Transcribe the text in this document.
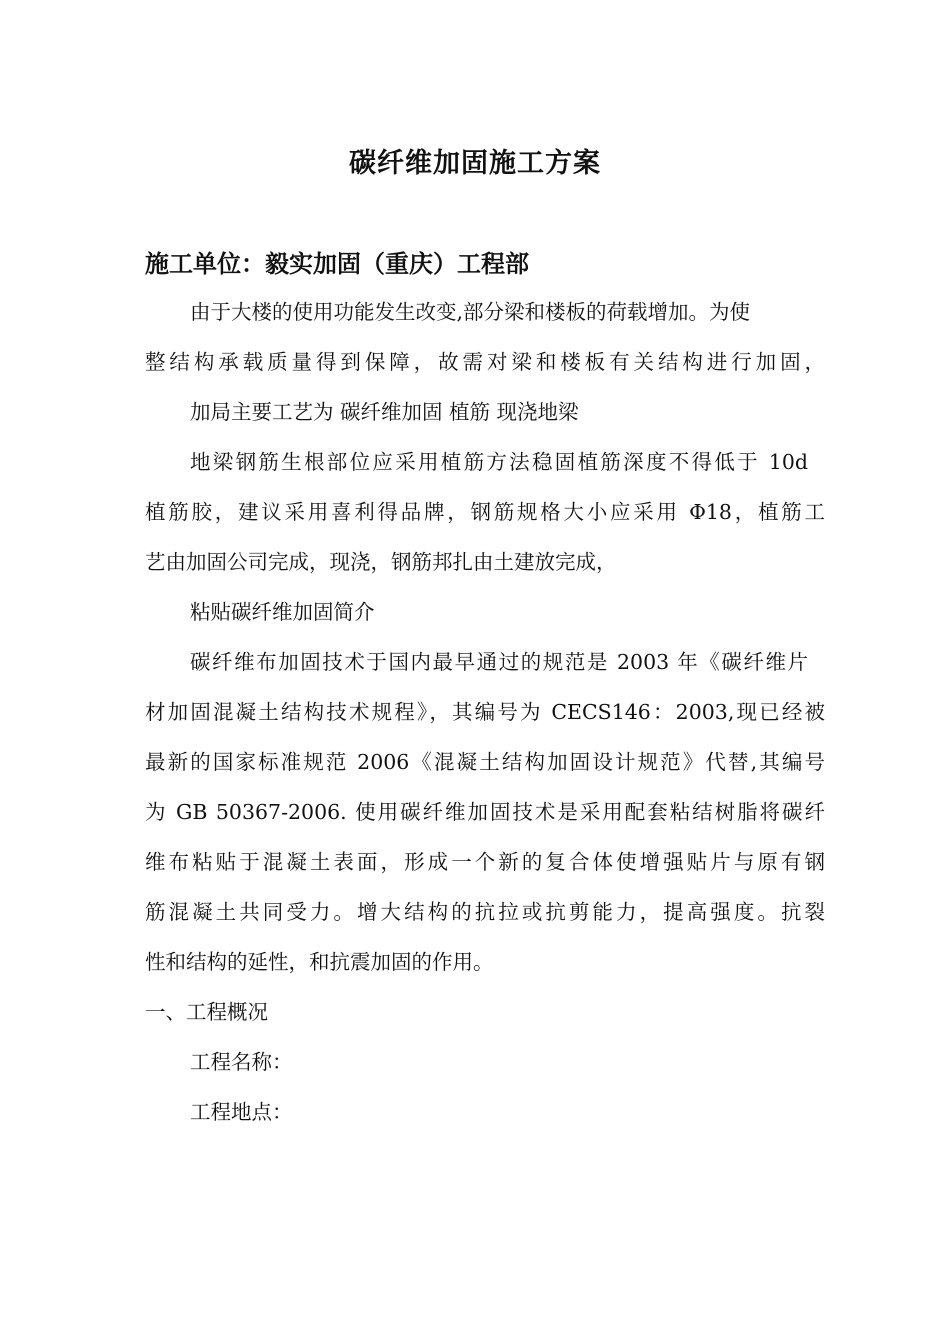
碳纤维加固施工方案
施工单位：毅实加固（重庆）工程部
由于大楼的使用功能发生改变,部分梁和楼板的荷载增加。为使
整结构承载质量得到保障，故需对梁和楼板有关结构进行加固，
加局主要工艺为 碳纤维加固 植筋 现浇地梁
地梁钢筋生根部位应采用植筋方法稳固植筋深度不得低于 10d
植筋胶，建议采用喜利得品牌，钢筋规格大小应采用 Φ18，植筋工
艺由加固公司完成，现浇，钢筋邦扎由土建放完成，
粘贴碳纤维加固简介
碳纤维布加固技术于国内最早通过的规范是 2003 年《碳纤维片
材加固混凝土结构技术规程》，其编号为 CECS146：2003,现已经被
最新的国家标准规范 2006《混凝土结构加固设计规范》代替,其编号
为 GB 50367-2006. 使用碳纤维加固技术是采用配套粘结树脂将碳纤
维布粘贴于混凝土表面，形成一个新的复合体使增强贴片与原有钢
筋混凝土共同受力。增大结构的抗拉或抗剪能力，提高强度。抗裂
性和结构的延性，和抗震加固的作用。
一、工程概况
工程名称：
工程地点：
